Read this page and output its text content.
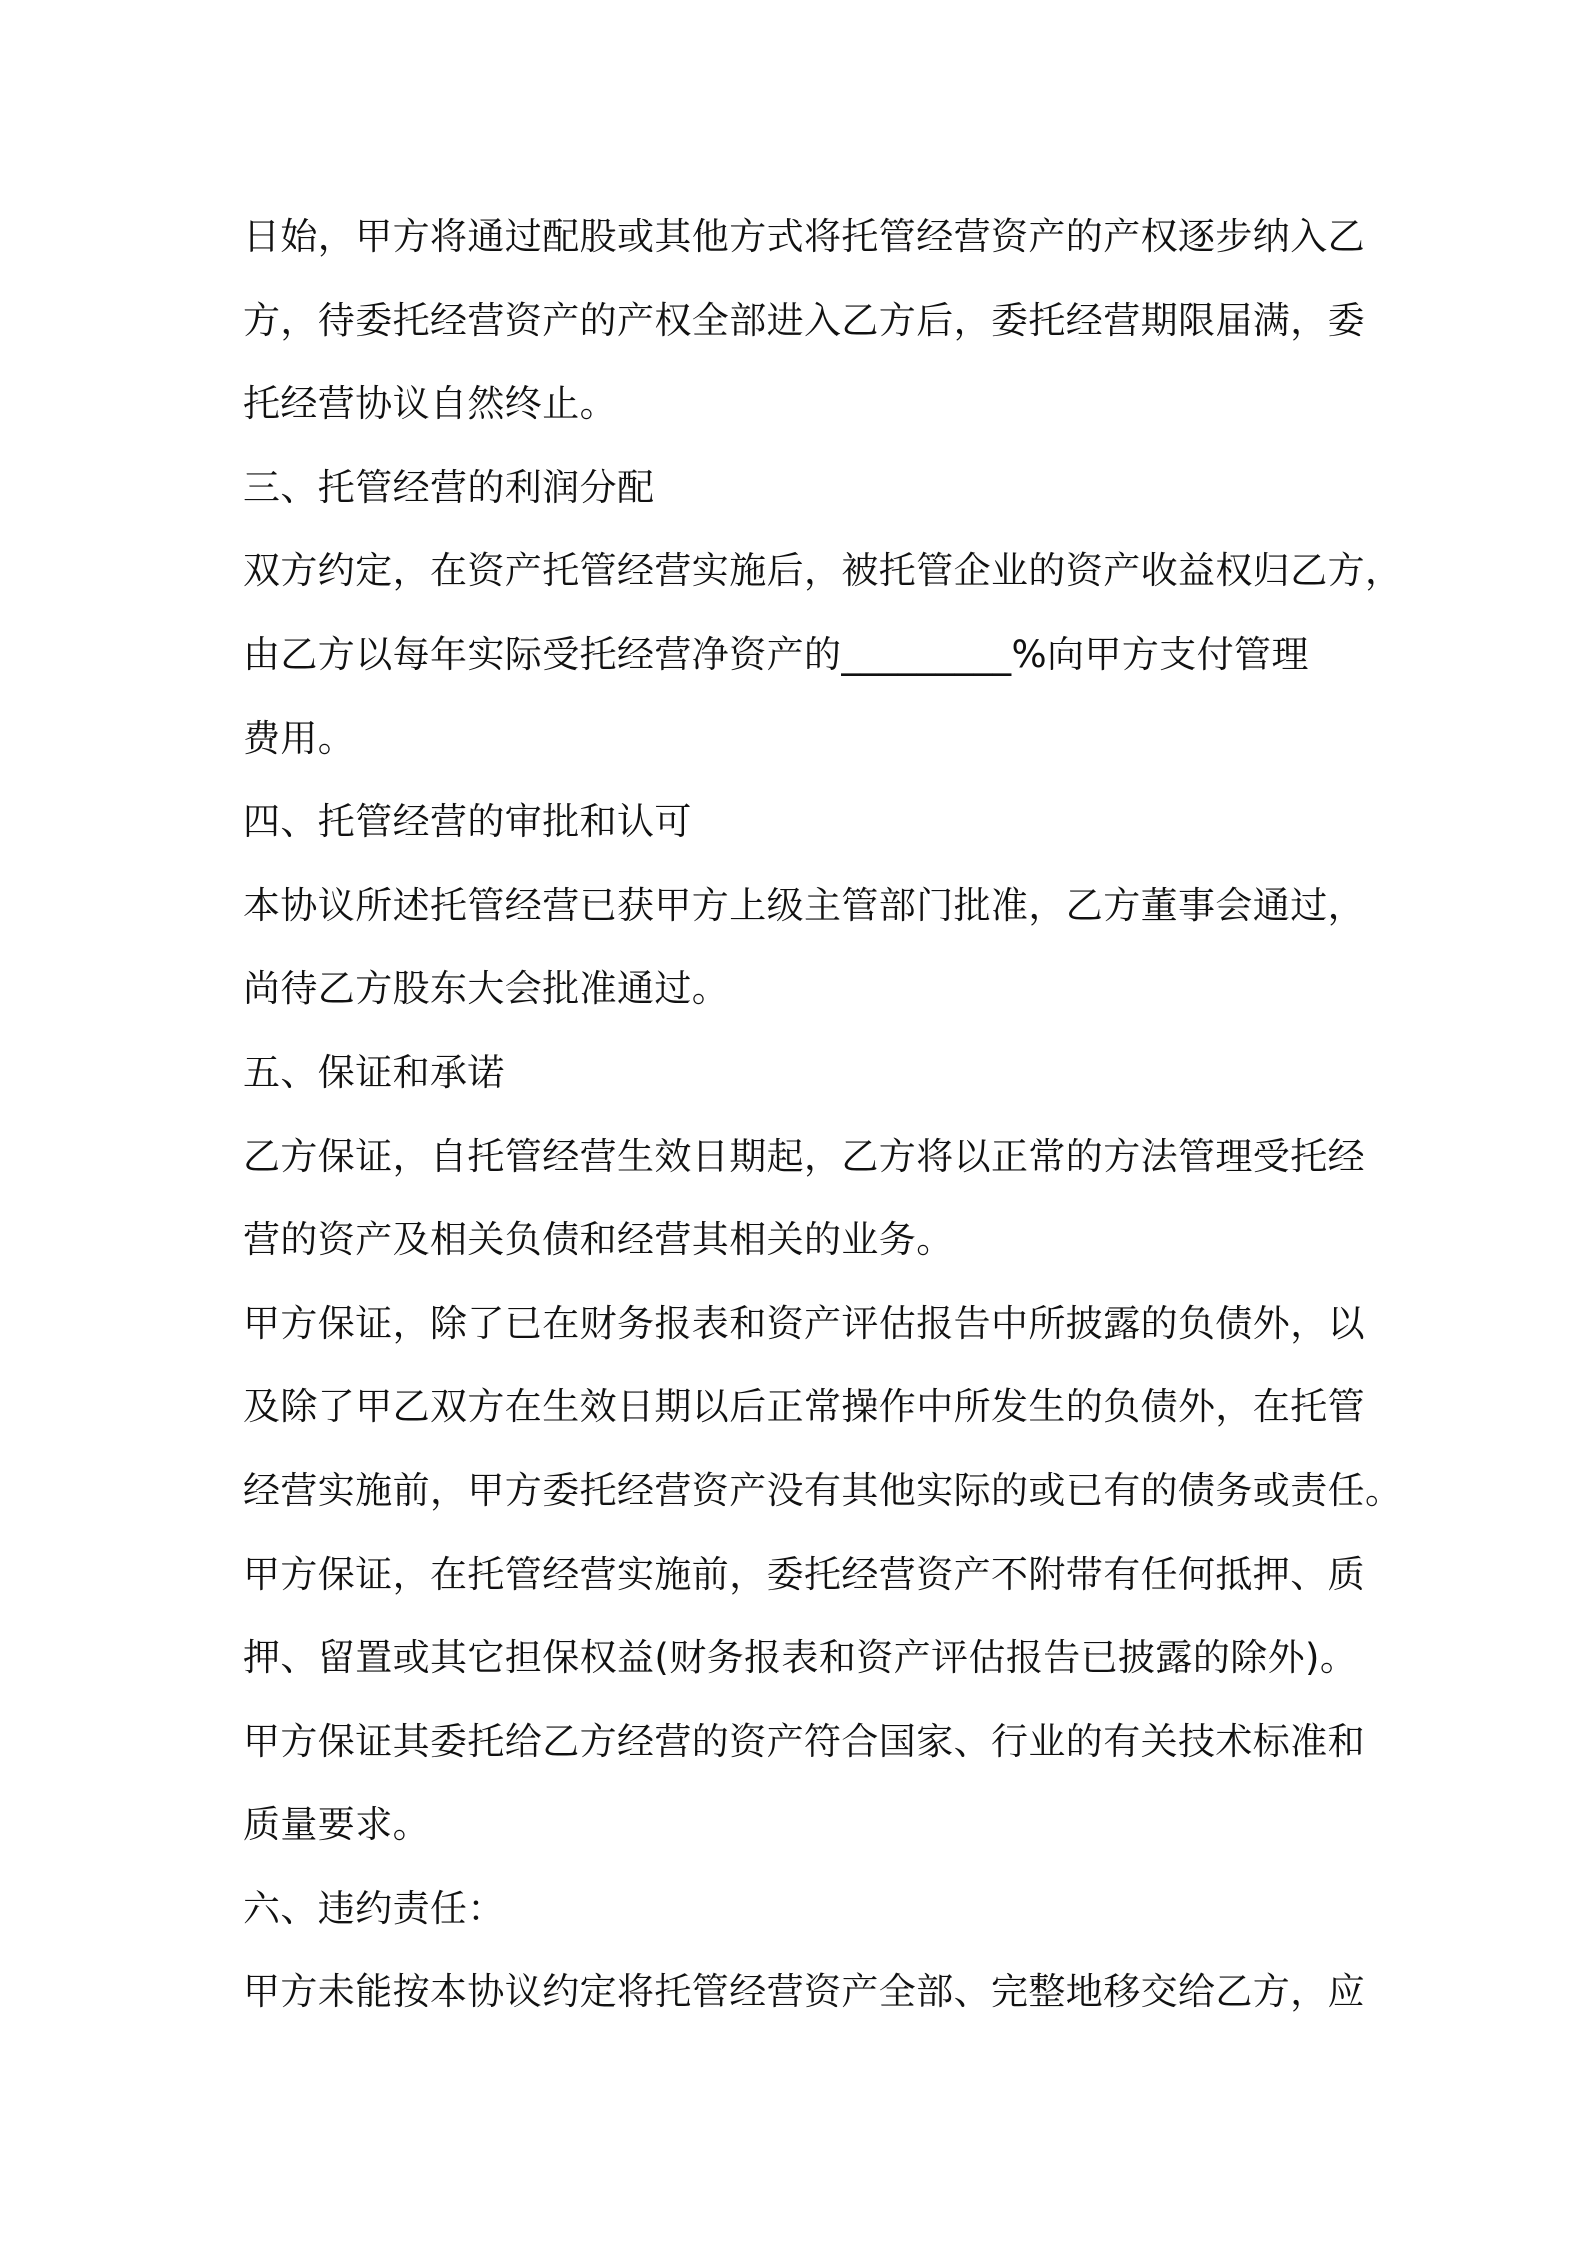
日始，甲方将通过配股或其他方式将托管经营资产的产权逐步纳入乙
方，待委托经营资产的产权全部进入乙方后，委托经营期限届满，委
托经营协议自然终止。
三、托管经营的利润分配
双方约定，在资产托管经营实施后，被托管企业的资产收益权归乙方，
由乙方以每年实际受托经营净资产的_________%向甲方支付管理
费用。
四、托管经营的审批和认可
本协议所述托管经营已获甲方上级主管部门批准，乙方董事会通过，
尚待乙方股东大会批准通过。
五、保证和承诺
乙方保证，自托管经营生效日期起，乙方将以正常的方法管理受托经
营的资产及相关负债和经营其相关的业务。
甲方保证，除了已在财务报表和资产评估报告中所披露的负债外，以
及除了甲乙双方在生效日期以后正常操作中所发生的负债外，在托管
经营实施前，甲方委托经营资产没有其他实际的或已有的债务或责任。
甲方保证，在托管经营实施前，委托经营资产不附带有任何抵押、质
押、留置或其它担保权益(财务报表和资产评估报告已披露的除外)。
甲方保证其委托给乙方经营的资产符合国家、行业的有关技术标准和
质量要求。
六、违约责任：
甲方未能按本协议约定将托管经营资产全部、完整地移交给乙方，应
